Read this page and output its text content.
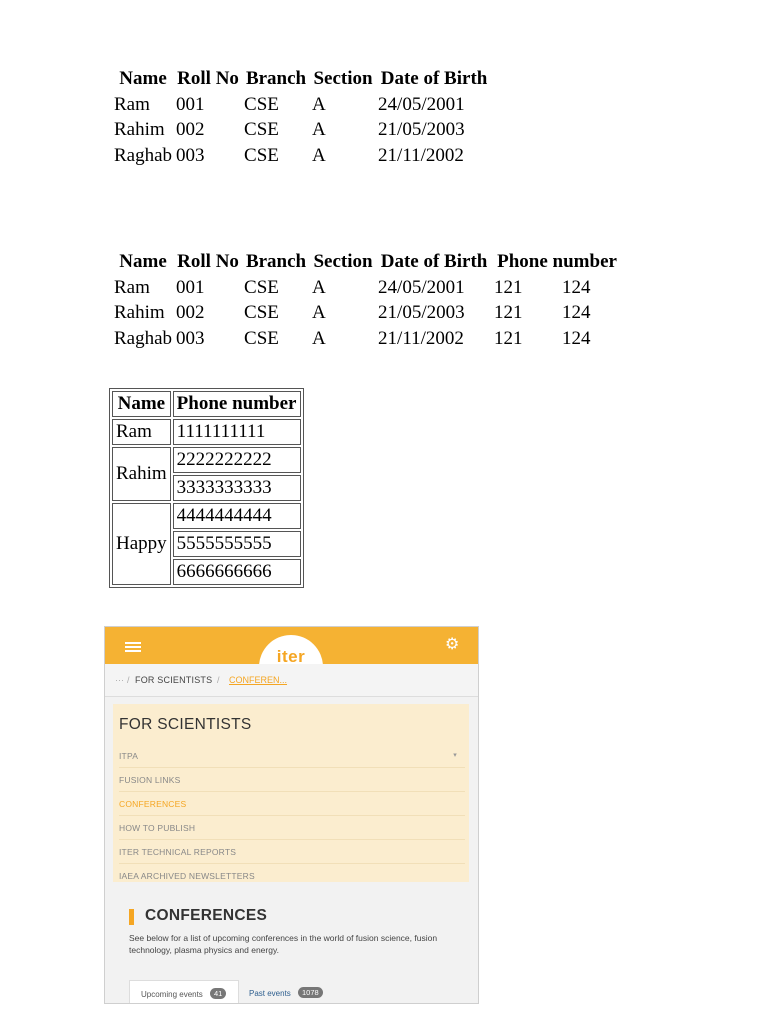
Name	Roll No	Branch	Section	Date of Birth
Ram	001	CSE	A	24/05/2001
Rahim	002	CSE	A	21/05/2003
Raghab	003	CSE	A	21/11/2002
Name	Roll No	Branch	Section	Date of Birth	Phone number	
Ram	001	CSE	A	24/05/2001	121	124
Rahim	002	CSE	A	21/05/2003	121	124
Raghab	003	CSE	A	21/11/2002	121	124
Name	Phone number
Ram	1111111111
Rahim	2222222222
	3333333333
Happy	4444444444
	5555555555
	6666666666
iter
⚙
··· / FOR SCIENTISTS / CONFEREN...
FOR SCIENTISTS
ITPA	▾
FUSION LINKS
CONFERENCES
HOW TO PUBLISH
ITER TECHNICAL REPORTS
IAEA ARCHIVED NEWSLETTERS
CONFERENCES
See below for a list of upcoming conferences in the world of fusion science, fusion technology, plasma physics and energy.
Upcoming events	41	Past events	1078
